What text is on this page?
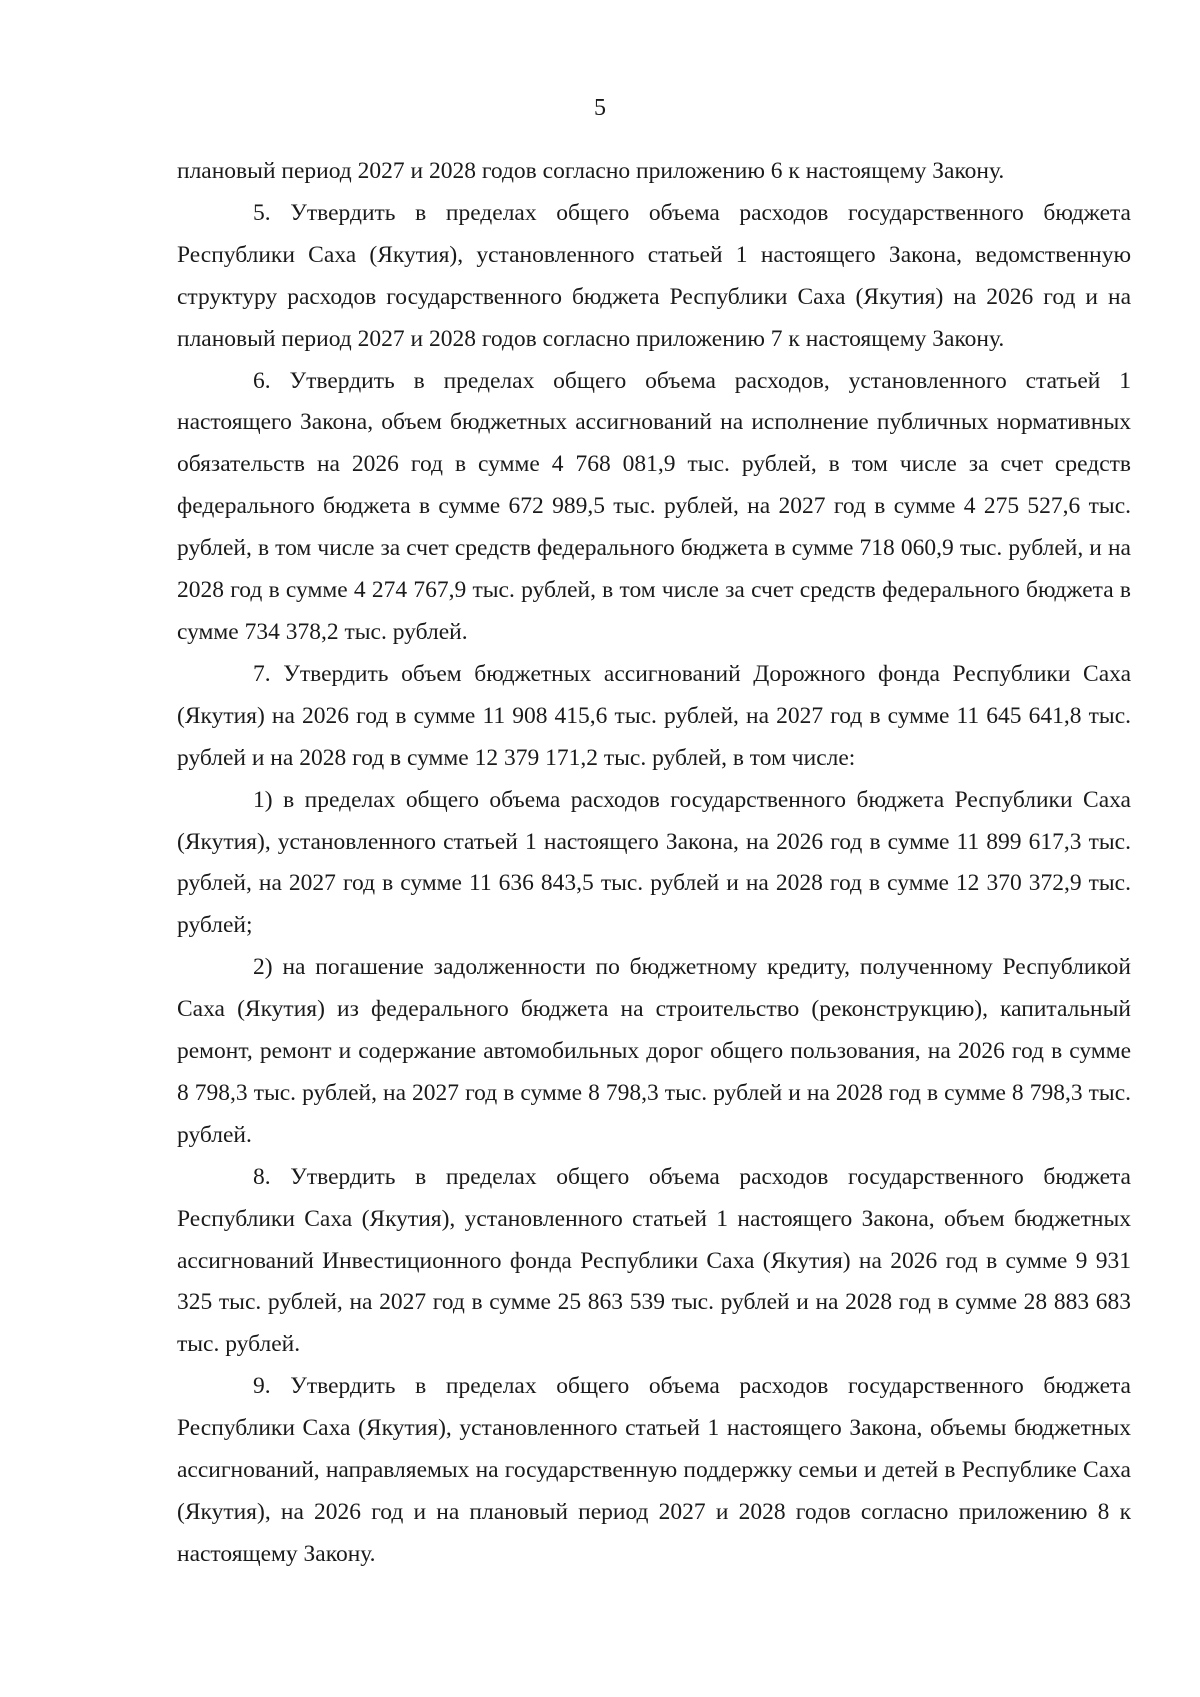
5

плановый период 2027 и 2028 годов согласно приложению 6 к настоящему Закону.

5. Утвердить в пределах общего объема расходов государственного бюджета Республики Саха (Якутия), установленного статьей 1 настоящего Закона, ведомственную структуру расходов государственного бюджета Республики Саха (Якутия) на 2026 год и на плановый период 2027 и 2028 годов согласно приложению 7 к настоящему Закону.

6. Утвердить в пределах общего объема расходов, установленного статьей 1 настоящего Закона, объем бюджетных ассигнований на исполнение публичных нормативных обязательств на 2026 год в сумме 4 768 081,9 тыс. рублей, в том числе за счет средств федерального бюджета в сумме 672 989,5 тыс. рублей, на 2027 год в сумме 4 275 527,6 тыс. рублей, в том числе за счет средств федерального бюджета в сумме 718 060,9 тыс. рублей, и на 2028 год в сумме 4 274 767,9 тыс. рублей, в том числе за счет средств федерального бюджета в сумме 734 378,2 тыс. рублей.

7. Утвердить объем бюджетных ассигнований Дорожного фонда Республики Саха (Якутия) на 2026 год в сумме 11 908 415,6 тыс. рублей, на 2027 год в сумме 11 645 641,8 тыс. рублей и на 2028 год в сумме 12 379 171,2 тыс. рублей, в том числе:

1) в пределах общего объема расходов государственного бюджета Республики Саха (Якутия), установленного статьей 1 настоящего Закона, на 2026 год в сумме 11 899 617,3 тыс. рублей, на 2027 год в сумме 11 636 843,5 тыс. рублей и на 2028 год в сумме 12 370 372,9 тыс. рублей;

2) на погашение задолженности по бюджетному кредиту, полученному Республикой Саха (Якутия) из федерального бюджета на строительство (реконструкцию), капитальный ремонт, ремонт и содержание автомобильных дорог общего пользования, на 2026 год в сумме 8 798,3 тыс. рублей, на 2027 год в сумме 8 798,3 тыс. рублей и на 2028 год в сумме 8 798,3 тыс. рублей.

8. Утвердить в пределах общего объема расходов государственного бюджета Республики Саха (Якутия), установленного статьей 1 настоящего Закона, объем бюджетных ассигнований Инвестиционного фонда Республики Саха (Якутия) на 2026 год в сумме 9 931 325 тыс. рублей, на 2027 год в сумме 25 863 539 тыс. рублей и на 2028 год в сумме 28 883 683 тыс. рублей.

9. Утвердить в пределах общего объема расходов государственного бюджета Республики Саха (Якутия), установленного статьей 1 настоящего Закона, объемы бюджетных ассигнований, направляемых на государственную поддержку семьи и детей в Республике Саха (Якутия), на 2026 год и на плановый период 2027 и 2028 годов согласно приложению 8 к настоящему Закону.
